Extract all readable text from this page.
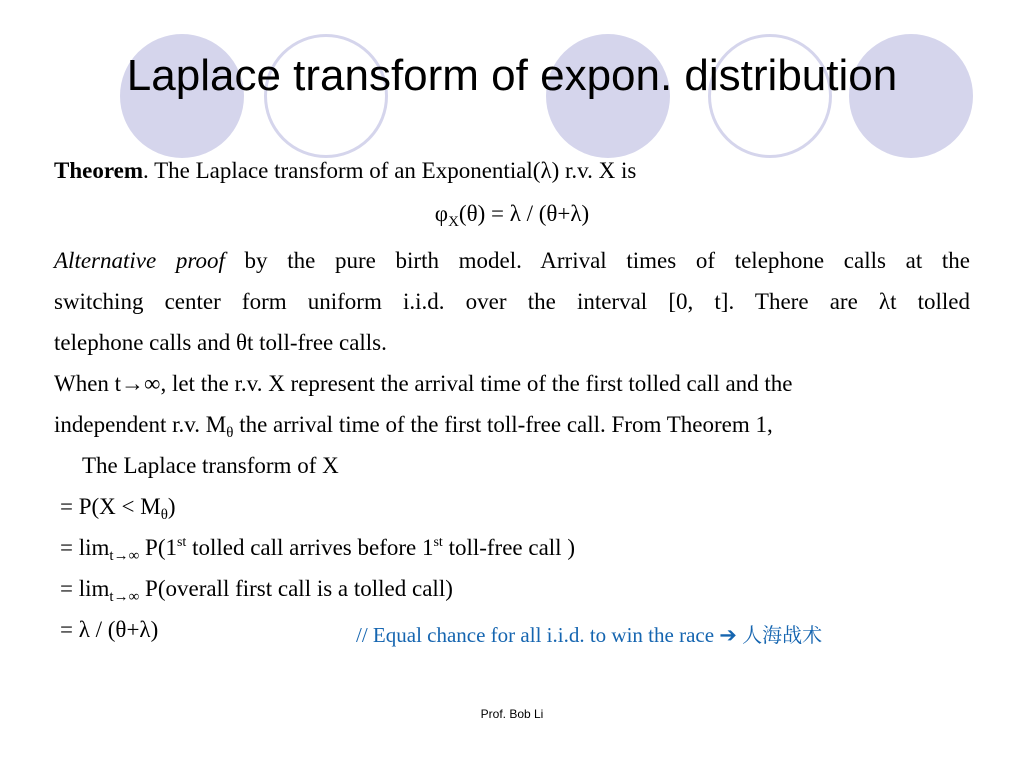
Laplace transform of expon. distribution
Theorem. The Laplace transform of an Exponential(λ) r.v. X is
$\varphi_X(\theta) = \lambda / (\theta+\lambda)$
Alternative proof by the pure birth model. Arrival times of telephone calls at the
switching center form uniform i.i.d. over the interval [0, t]. There are λt tolled
telephone calls and θt toll-free calls.
When t→∞, let the r.v. X represent the arrival time of the first tolled call and the
independent r.v. $M_\theta$ the arrival time of the first toll-free call. From Theorem 1,
The Laplace transform of X
= $P(X < M_\theta)$
= $\lim_{t\to\infty} P(1st$ tolled call arrives before 1st toll-free call )
= $\lim_{t\to\infty}$ P(overall first call is a tolled call)
= λ / (θ+λ)	// Equal chance for all i.i.d. to win the race ➔ 人海战术
Prof. Bob Li
